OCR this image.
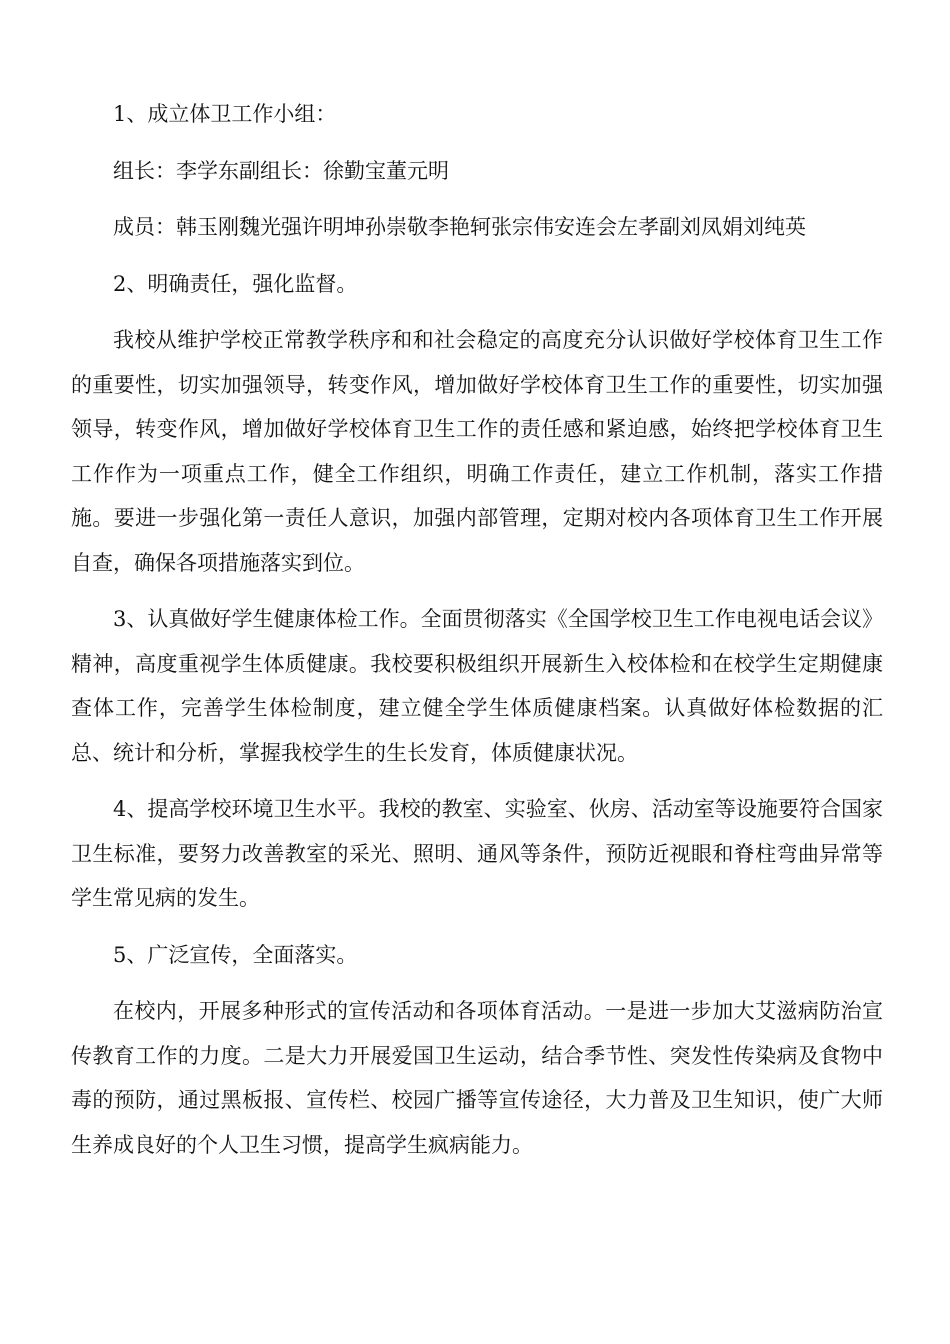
1、成立体卫工作小组：

组长：李学东副组长：徐勤宝董元明

成员：韩玉刚魏光强许明坤孙崇敬李艳轲张宗伟安连会左孝副刘凤娟刘纯英

2、明确责任，强化监督。

我校从维护学校正常教学秩序和和社会稳定的高度充分认识做好学校体育卫生工作的重要性，切实加强领导，转变作风，增加做好学校体育卫生工作的重要性，切实加强领导，转变作风，增加做好学校体育卫生工作的责任感和紧迫感，始终把学校体育卫生工作作为一项重点工作，健全工作组织，明确工作责任，建立工作机制，落实工作措施。要进一步强化第一责任人意识，加强内部管理，定期对校内各项体育卫生工作开展自查，确保各项措施落实到位。

3、认真做好学生健康体检工作。全面贯彻落实《全国学校卫生工作电视电话会议》精神，高度重视学生体质健康。我校要积极组织开展新生入校体检和在校学生定期健康查体工作，完善学生体检制度，建立健全学生体质健康档案。认真做好体检数据的汇总、统计和分析，掌握我校学生的生长发育，体质健康状况。

4、提高学校环境卫生水平。我校的教室、实验室、伙房、活动室等设施要符合国家卫生标准，要努力改善教室的采光、照明、通风等条件，预防近视眼和脊柱弯曲异常等学生常见病的发生。

5、广泛宣传，全面落实。

在校内，开展多种形式的宣传活动和各项体育活动。一是进一步加大艾滋病防治宣传教育工作的力度。二是大力开展爱国卫生运动，结合季节性、突发性传染病及食物中毒的预防，通过黑板报、宣传栏、校园广播等宣传途径，大力普及卫生知识，使广大师生养成良好的个人卫生习惯，提高学生疯病能力。
